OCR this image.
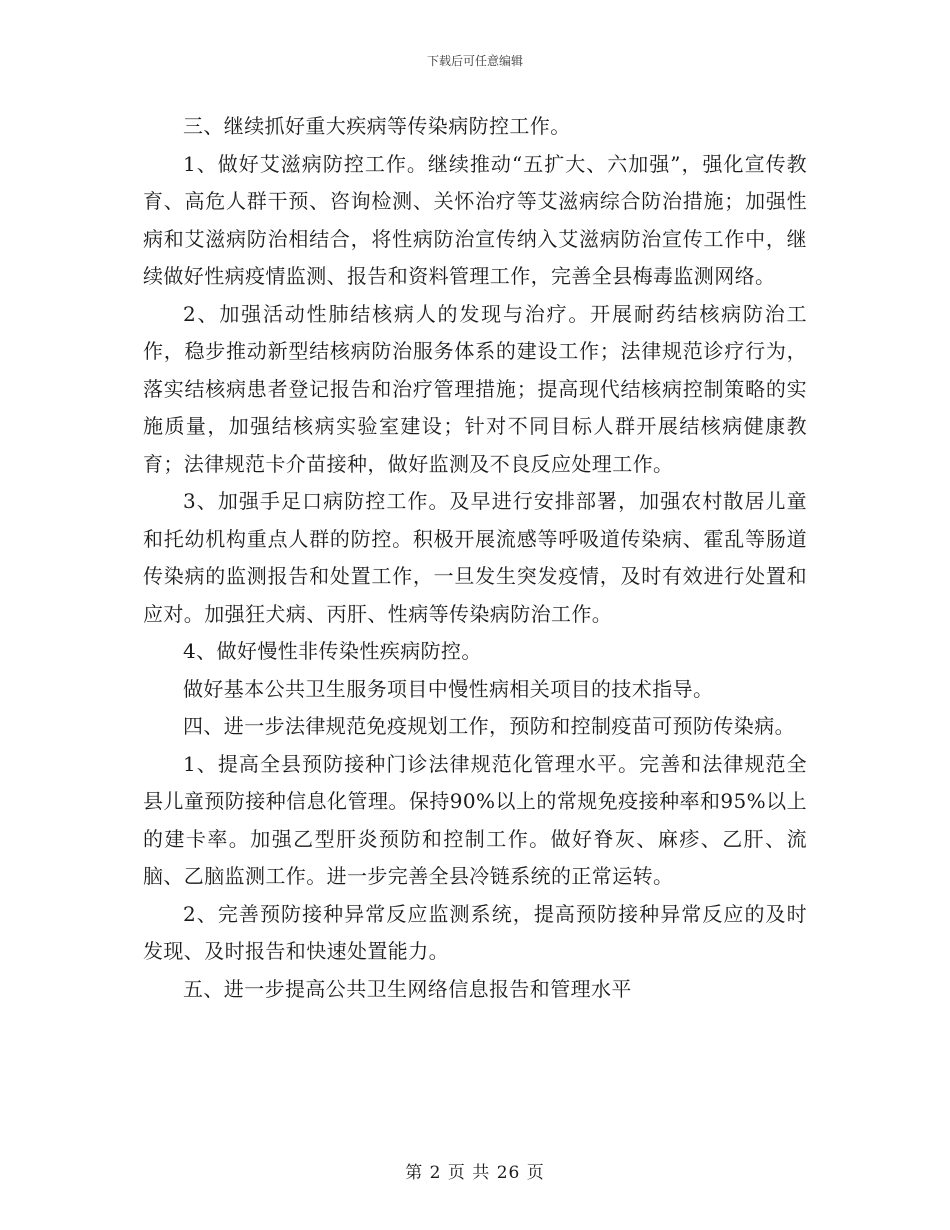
下载后可任意编辑

三、继续抓好重大疾病等传染病防控工作。

1、做好艾滋病防控工作。继续推动“五扩大、六加强”，强化宣传教育、高危人群干预、咨询检测、关怀治疗等艾滋病综合防治措施；加强性病和艾滋病防治相结合，将性病防治宣传纳入艾滋病防治宣传工作中，继续做好性病疫情监测、报告和资料管理工作，完善全县梅毒监测网络。

2、加强活动性肺结核病人的发现与治疗。开展耐药结核病防治工作，稳步推动新型结核病防治服务体系的建设工作；法律规范诊疗行为，落实结核病患者登记报告和治疗管理措施；提高现代结核病控制策略的实施质量，加强结核病实验室建设；针对不同目标人群开展结核病健康教育；法律规范卡介苗接种，做好监测及不良反应处理工作。

3、加强手足口病防控工作。及早进行安排部署，加强农村散居儿童和托幼机构重点人群的防控。积极开展流感等呼吸道传染病、霍乱等肠道传染病的监测报告和处置工作，一旦发生突发疫情，及时有效进行处置和应对。加强狂犬病、丙肝、性病等传染病防治工作。

4、做好慢性非传染性疾病防控。

做好基本公共卫生服务项目中慢性病相关项目的技术指导。

四、进一步法律规范免疫规划工作，预防和控制疫苗可预防传染病。

1、提高全县预防接种门诊法律规范化管理水平。完善和法律规范全县儿童预防接种信息化管理。保持90%以上的常规免疫接种率和95%以上的建卡率。加强乙型肝炎预防和控制工作。做好脊灰、麻疹、乙肝、流脑、乙脑监测工作。进一步完善全县冷链系统的正常运转。

2、完善预防接种异常反应监测系统，提高预防接种异常反应的及时发现、及时报告和快速处置能力。

五、进一步提高公共卫生网络信息报告和管理水平

第 2 页 共 26 页
